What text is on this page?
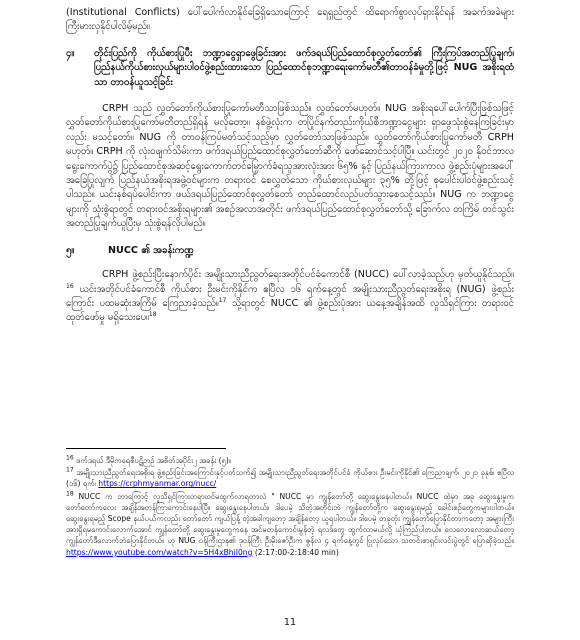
(Institutional Conflicts) ပေါ်ပေါက်လာနိုင်ခြေရှိသောကြောင့် ရေရှည်တွင် ထိရောက်စွာလုပ်ရှားနိုင်ရန် အခက်အခဲများ ကြီးမားလှနိုင်ပါလိမ့်မည်။

၄။	တိုင်းပြည်ကို ကိုယ်စားပြုပီး ဘဏ္ဍာငွေရှာဖွေခြင်းအား ဖက်ဒရယ်ပြည်ထောင်စုလွှတ်တော်၏ ကြီးကြပ်အတည်ပြုချက်၊ ပြည်နယ်ကိုယ်စားလှယ်များပါဝင်ဖွဲ့စည်းထားသော ပြည်ထောင်စုဘဏ္ဍာရေးကော်မတီ၏တာဝန်ခံမှုတို့ဖြင့် NUG အစိုးရထံသာ တာဝန်ယူသင့်ခြင်း

CRPH သည် လွှတ်တော်ကိုယ်စားပြုကော်မတီသာဖြစ်သည်။ လွှတ်တော်မဟုတ်။ NUG အစိုးရပေါ်ပေါက်ပြီးဖြစ်သဖြင့် လွှတ်တော်ကိုယ်စားပြုကော်မတီတည်ရှိရန် မလိုတော့။ နစ်ဖွဲ့လုံးက တပြိုင်နက်တည်းကိုယ်စီဘဏ္ဍာငွေများ ရှာဖွေသုံးစွဲနေကြခြင်းမှာလည်း မသင့်တော်။ NUG ကို တာဝန်ကြပ်မတ်သင့်သည့်မှာ လွှတ်တော်သာဖြစ်သည်။ လွှတ်တော်ကိုယ်စားပြုကော်မတီ CRPH မဟုတ်။ CRPH ကို လုံးဝဖျက်သိမ်းကာ ဖက်ဒရယ်ပြည်ထောင်စုလွှတ်တော်ဆီကို ဖော်ဆောင်သင့်ပါပြီ။ ယင်းတွင် ၂၀၂၀ နိုဝင်ဘာလရွေးကောက်ပွဲ၌ ပြည်ထောင်စုအဆင့်ရွေးကောက်တင်မြှောက်ခံရသူအားလုံးအား ၆၅% နှင့် ပြည်နယ်ကြားကာလ ဖွဲ့စည်းပုံများအပေါ်အခြေပြုလျက် ပြည်နယ်အစိုးရအဖွဲ့ဝင်များက တရားဝင် စေလွှတ်သော ကိုယ်စားလှယ်များ ၃၅% တို့ဖြင့် စုပေါင်းပါဝင်ဖွဲ့စည်းသင့်ပါသည်။ ယင်းနစ်ရပ်ပေါင်းကာ ဖယ်ဒရယ်ပြည်ထောင်စုလွှတ်တော် တည်ထောင်လည်ပတ်သွားစေသင့်သည်။ NUG က ဘဏ္ဍာငွေများကို သုံးစွဲရာတွင် တရားဝင်အစိုးရများ၏ အစဉ်အလာအတိုင်း ဖက်ဒရယ်ပြည်ထောင်စုလွှတ်တော်သို့ ခြောက်လ တကြိမ် တင်သွင်းအတည်ပြုချက်ယူပြီးမှ သုံးစွဲရန်လိုပါမည်။

၅။	NUCC ၏ အခန်းကဏ္ဍ

CRPH ဖွဲ့စည်းပြီးနောက်ပိုင်း အမျိုးသားညီညွတ်ရေးအတိုင်ပင်ခံကောင်စီ (NUCC) ပေါ်လာခဲ့သည်ဟု မှတ်ယူနိုင်သည်။$^{16}$ ယင်းအတိုင်ပင်ခံကောင်စီ ကိုယ်စား ဦးမင်းကိုနိုင်က ဧပြီလ ၁၆ ရက်နေ့တွင် အမျိုးသားညီညွတ်ရေးအစိုးရ (NUG) ဖွဲ့စည်းကြောင်း ပထမဆုံးအကြိမ် ကြေညာခဲ့သည်။$^{17}$ သို့ရာတွင် NUCC ၏ ဖွဲ့စည်းပုံအား ယနေ့အချိန်အထိ လူသိရှင်ကြား တရားဝင်ထုတ်ဖော်မှု မရှိသေးပေ။$^{18}$

$^{16}$ ဖက်ဒရယ် ဒီမိုကရေစီပဋိဉာဉ် အစိတ်အပိုင်း၂ အခန်း (၅)။

$^{17}$ အမျိုးသားညီညွတ်ရေးအစိုးရ ဖွဲ့စည်းခြင်းအကြောင်းနှင့်ပတ်သက်၍ အမျိုးသားညီညွတ်ရေးအတိုင်ပင်ခံ ကိုယ်စား ဦးမင်းကိုနိုင်၏ ကြေညာချက်၊ ၂၀၂၁ ခုနှစ်၊ ဧပြီလ (၁၆) ရက်၊ https://crphmyanmar.org/nucc/

$^{18}$ NUCC က ဘာကြောင့် လူသိရှင်ကြားတရားဝင်မထွက်လာရတာလဲ " NUCC မှာ ကျွန်တော်တို့ ဆွေးနွေးနေပါတယ်။ NUCC ထဲမှာ အခု ဆွေးနွေးမှုက တော်တော်ကလေး အချိန်အတန်ကြာကောင်းနေပါပြီ။ ဆွေးနွေးနေပါတယ်။ ဒါပေမဲ့ သိတဲ့အတိုင်းဘဲ ကျွန်တော်တို့က ဆွေးနွေးရမည့် ခေါင်းစဉ်တွေကများပါတယ်။ ဆွေးနွေးရမည့် Scope နယ်ပယ်ကလည်း တော်တော် ကျယ်ပြန့် တဲ့အခါကျတော့ အချိန်တော့ ယူရပါတယ်။ ဒါပေမဲ့ တခုတုံး ကျွန်တော်ပြောနိုင်တာကတော့ အများကြီး အားရှိရမကောင်းလောက်အောင် ကျွန်တော်တို့ ဆွေးနွေးမှုတွေကနေ အင်မတန်ကောင်းမွန်တဲ့ ရလဒ်တွေ ထွက်လာမယ်လို့ ယုံကြည်ပါတယ်။ လေလောလောဆယ်တော့ ကျွန်တော်ဒီလောက်ဘဲပြောနိုင်တယ်။ ဟု NUG ဝန်ကြီးဌာန၏ ဒုဝန်ကြီး ဦးမိုးဇော်ဦးက ဇွန်လ ၄ ရက်နေ့တွင် ပြုလုပ်သော သတင်းစာရှင်းလင်းပွဲတွင် ပြောဆိုခဲ့သည်။ https://www.youtube.com/watch?v=5H4xBhiI0ng (2:17:00-2:18:40 min)

11
